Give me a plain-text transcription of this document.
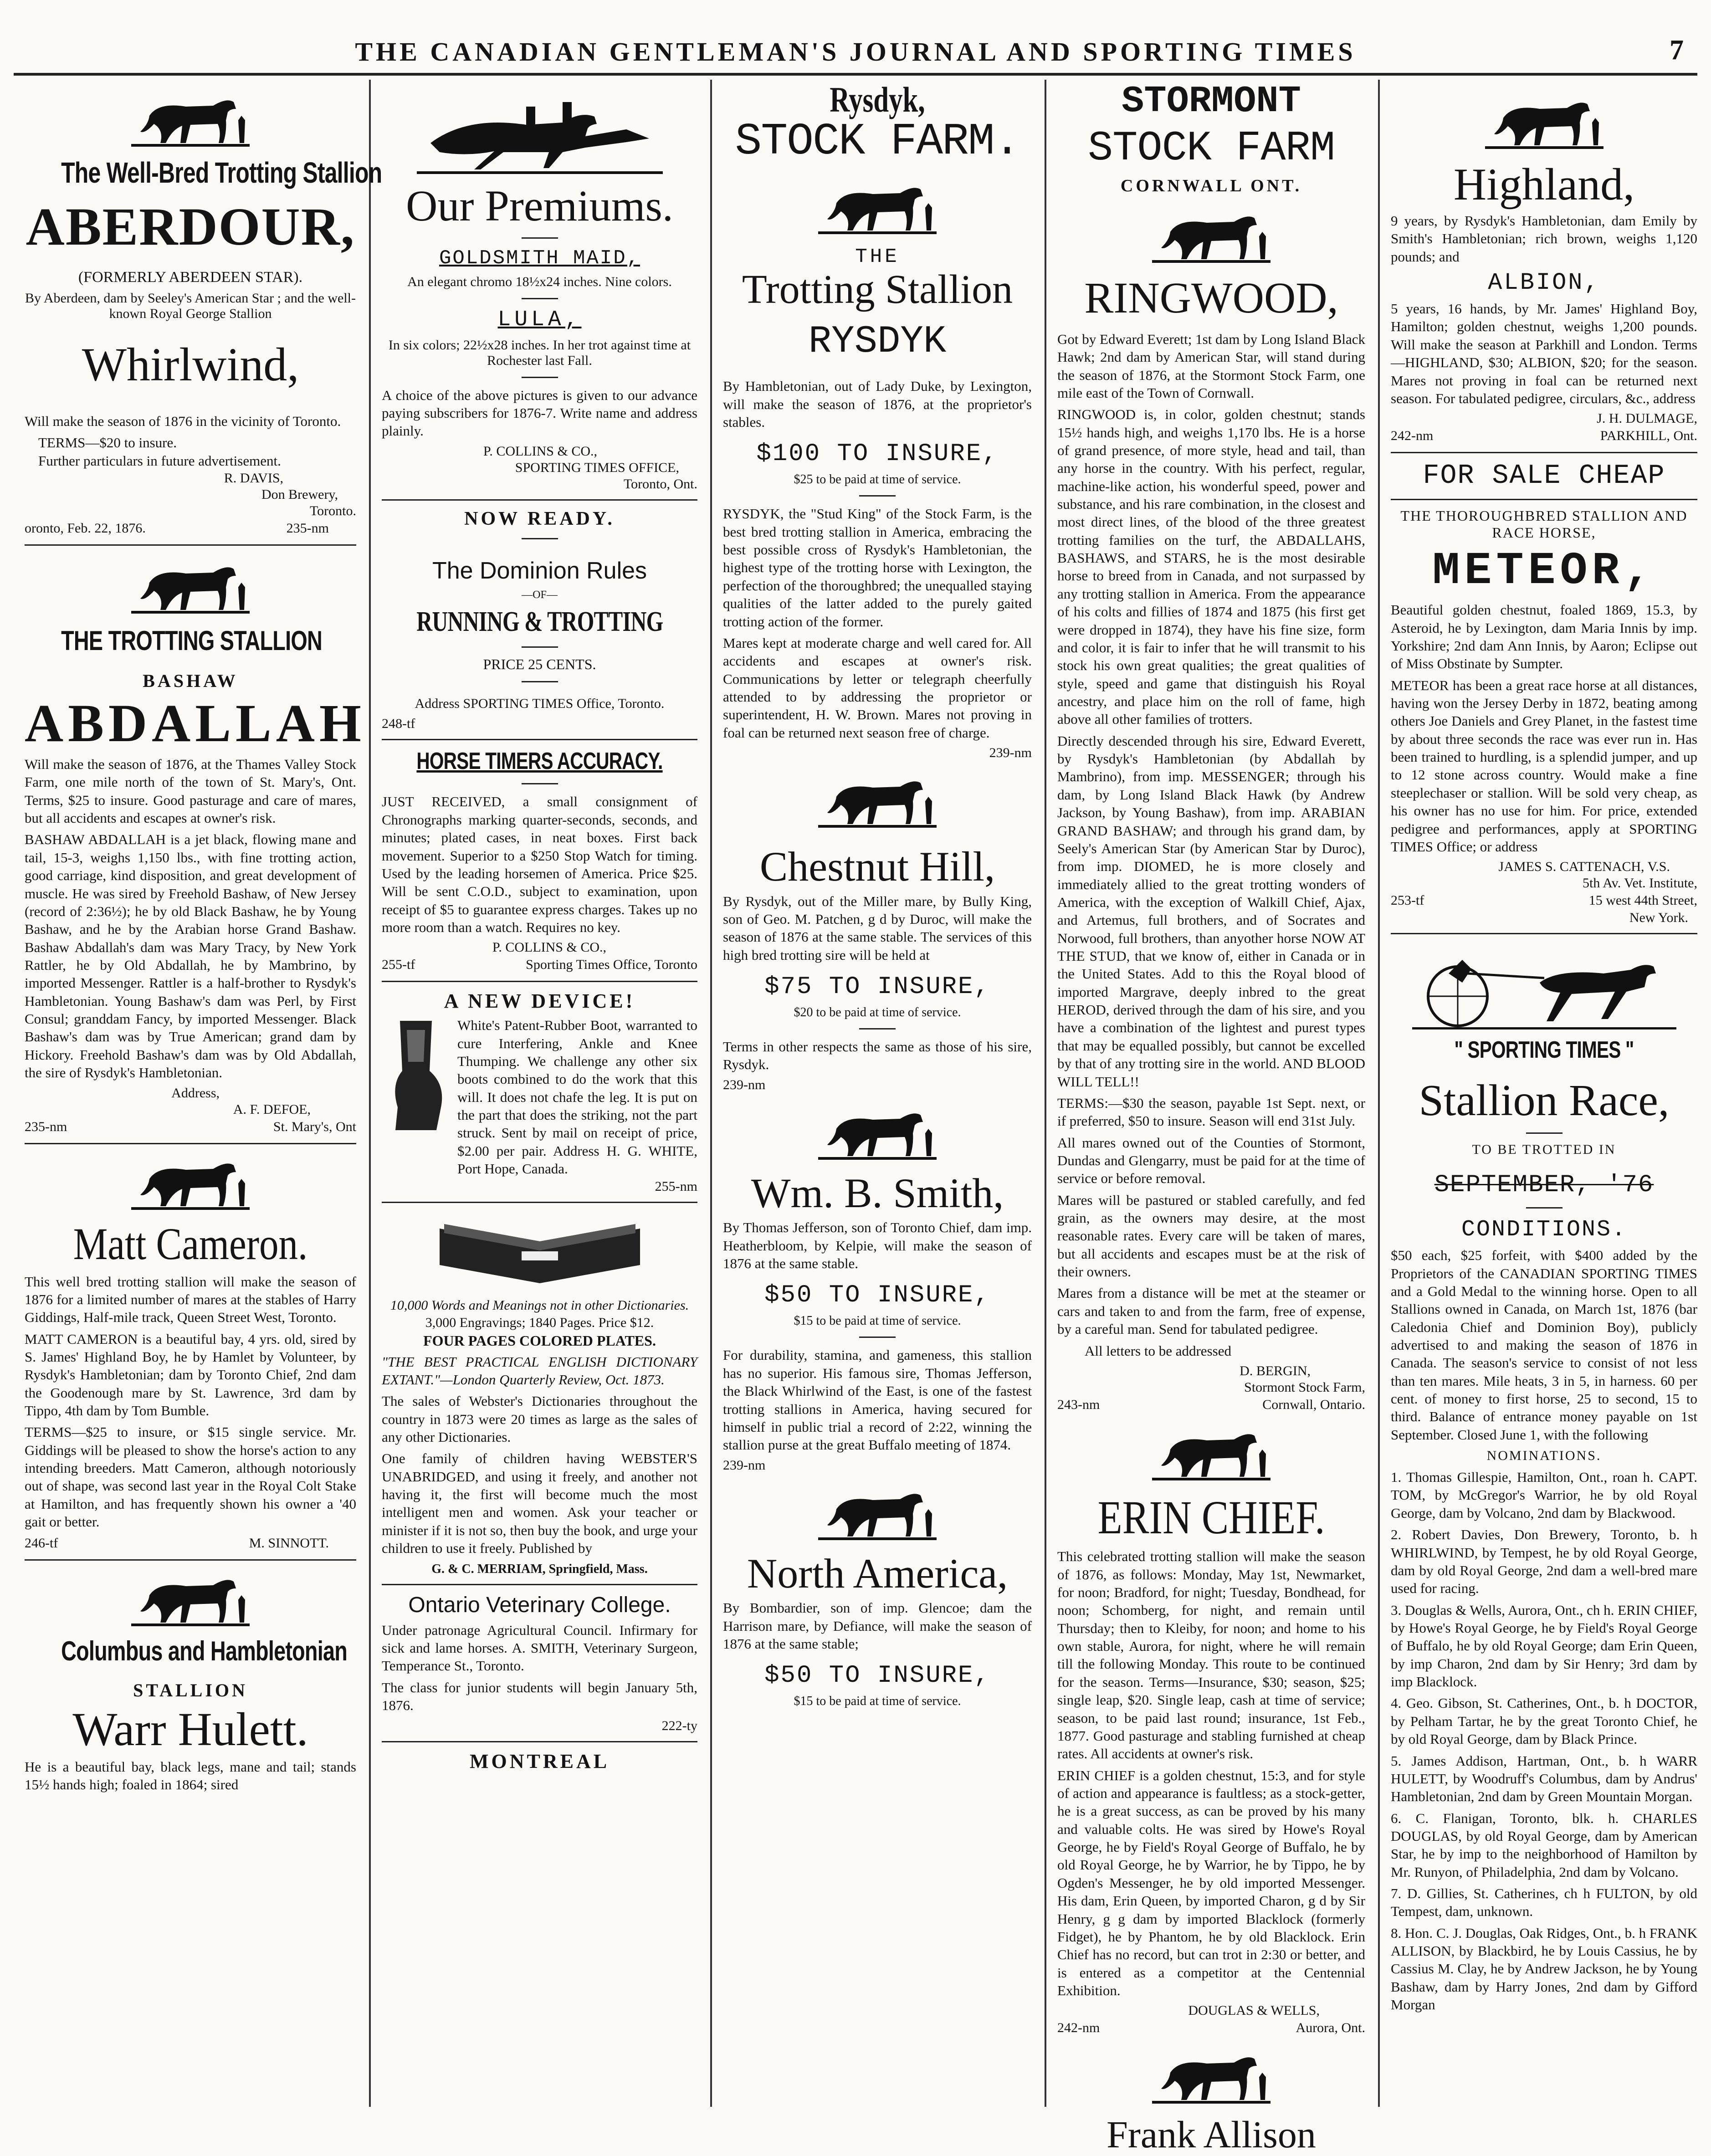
THE CANADIAN GENTLEMAN'S JOURNAL AND SPORTING TIMES	7
The Well-Bred Trotting Stallion
ABERDOUR,
(FORMERLY ABERDEEN STAR).
By Aberdeen, dam by Seeley's American Star ; and the well-known Royal George Stallion
Whirlwind,
Will make the season of 1876 in the vicinity of Toronto.
TERMS—$20 to insure.
Further particulars in future advertisement.
R. DAVIS,
Don Brewery,
Toronto.
oronto, Feb. 22, 1876.	235-nm
THE TROTTING STALLION
BASHAW
ABDALLAH
Will make the season of 1876, at the Thames Valley Stock Farm, one mile north of the town of St. Mary's, Ont. Terms, $25 to insure. Good pasturage and care of mares, but all accidents and escapes at owner's risk.
BASHAW ABDALLAH is a jet black, flowing mane and tail, 15-3, weighs 1,150 lbs., with fine trotting action, good carriage, kind disposition, and great development of muscle. He was sired by Freehold Bashaw, of New Jersey (record of 2:36½); he by old Black Bashaw, he by Young Bashaw, and he by the Arabian horse Grand Bashaw. Bashaw Abdallah's dam was Mary Tracy, by New York Rattler, he by Old Abdallah, he by Mambrino, by imported Messenger. Rattler is a half-brother to Rysdyk's Hambletonian. Young Bashaw's dam was Perl, by First Consul; granddam Fancy, by imported Messenger. Black Bashaw's dam was by True American; grand dam by Hickory. Freehold Bashaw's dam was by Old Abdallah, the sire of Rysdyk's Hambletonian.
Address,
A. F. DEFOE,
235-nm	St. Mary's, Ont
Matt Cameron.
This well bred trotting stallion will make the season of 1876 for a limited number of mares at the stables of Harry Giddings, Half-mile track, Queen Street West, Toronto.
MATT CAMERON is a beautiful bay, 4 yrs. old, sired by S. James' Highland Boy, he by Hamlet by Volunteer, by Rysdyk's Hambletonian; dam by Toronto Chief, 2nd dam the Goodenough mare by St. Lawrence, 3rd dam by Tippo, 4th dam by Tom Bumble.
TERMS—$25 to insure, or $15 single service. Mr. Giddings will be pleased to show the horse's action to any intending breeders. Matt Cameron, although notoriously out of shape, was second last year in the Royal Colt Stake at Hamilton, and has frequently shown his owner a '40 gait or better.
246-tf	M. SINNOTT.
Columbus and Hambletonian
STALLION
Warr Hulett.
He is a beautiful bay, black legs, mane and tail; stands 15½ hands high; foaled in 1864; sired
Our Premiums.
GOLDSMITH MAID,
An elegant chromo 18½x24 inches. Nine colors.
LULA,
In six colors; 22½x28 inches. In her trot against time at Rochester last Fall.
A choice of the above pictures is given to our advance paying subscribers for 1876-7. Write name and address plainly.
P. COLLINS & CO.,
SPORTING TIMES OFFICE,
Toronto, Ont.
NOW READY.
The Dominion Rules
—OF—
RUNNING & TROTTING
PRICE 25 CENTS.
Address SPORTING TIMES Office, Toronto.
248-tf
HORSE TIMERS ACCURACY.
JUST RECEIVED, a small consignment of Chronographs marking quarter-seconds, seconds, and minutes; plated cases, in neat boxes. First back movement. Superior to a $250 Stop Watch for timing. Used by the leading horsemen of America. Price $25. Will be sent C.O.D., subject to examination, upon receipt of $5 to guarantee express charges. Takes up no more room than a watch. Requires no key.
P. COLLINS & CO.,
255-tf	Sporting Times Office, Toronto
A NEW DEVICE!
White's Patent-Rubber Boot, warranted to cure Interfering, Ankle and Knee Thumping. We challenge any other six boots combined to do the work that this will. It does not chafe the leg. It is put on the part that does the striking, not the part struck. Sent by mail on receipt of price, $2.00 per pair. Address H. G. WHITE, Port Hope, Canada.
255-nm
10,000 Words and Meanings not in other Dictionaries.
3,000 Engravings; 1840 Pages. Price $12.
FOUR PAGES COLORED PLATES.
"THE BEST PRACTICAL ENGLISH DICTIONARY EXTANT."—London Quarterly Review, Oct. 1873.
The sales of Webster's Dictionaries throughout the country in 1873 were 20 times as large as the sales of any other Dictionaries.
One family of children having WEBSTER'S UNABRIDGED, and using it freely, and another not having it, the first will become much the most intelligent men and women. Ask your teacher or minister if it is not so, then buy the book, and urge your children to use it freely. Published by
G. & C. MERRIAM, Springfield, Mass.
Ontario Veterinary College.
Under patronage Agricultural Council. Infirmary for sick and lame horses. A. SMITH, Veterinary Surgeon, Temperance St., Toronto.
The class for junior students will begin January 5th, 1876.
222-ty
MONTREAL
Rysdyk,
STOCK FARM.
THE
Trotting Stallion
RYSDYK
By Hambletonian, out of Lady Duke, by Lexington, will make the season of 1876, at the proprietor's stables.
$100 TO INSURE,
$25 to be paid at time of service.
RYSDYK, the "Stud King" of the Stock Farm, is the best bred trotting stallion in America, embracing the best possible cross of Rysdyk's Hambletonian, the highest type of the trotting horse with Lexington, the perfection of the thoroughbred; the unequalled staying qualities of the latter added to the purely gaited trotting action of the former.
Mares kept at moderate charge and well cared for. All accidents and escapes at owner's risk. Communications by letter or telegraph cheerfully attended to by addressing the proprietor or superintendent, H. W. Brown. Mares not proving in foal can be returned next season free of charge.
239-nm
Chestnut Hill,
By Rysdyk, out of the Miller mare, by Bully King, son of Geo. M. Patchen, g d by Duroc, will make the season of 1876 at the same stable. The services of this high bred trotting sire will be held at
$75 TO INSURE,
$20 to be paid at time of service.
Terms in other respects the same as those of his sire, Rysdyk.
239-nm
Wm. B. Smith,
By Thomas Jefferson, son of Toronto Chief, dam imp. Heatherbloom, by Kelpie, will make the season of 1876 at the same stable.
$50 TO INSURE,
$15 to be paid at time of service.
For durability, stamina, and gameness, this stallion has no superior. His famous sire, Thomas Jefferson, the Black Whirlwind of the East, is one of the fastest trotting stallions in America, having secured for himself in public trial a record of 2:22, winning the stallion purse at the great Buffalo meeting of 1874.
239-nm
North America,
By Bombardier, son of imp. Glencoe; dam the Harrison mare, by Defiance, will make the season of 1876 at the same stable;
$50 TO INSURE,
$15 to be paid at time of service.
STORMONT
STOCK FARM
CORNWALL ONT.
RINGWOOD,
Got by Edward Everett; 1st dam by Long Island Black Hawk; 2nd dam by American Star, will stand during the season of 1876, at the Stormont Stock Farm, one mile east of the Town of Cornwall.
RINGWOOD is, in color, golden chestnut; stands 15½ hands high, and weighs 1,170 lbs. He is a horse of grand presence, of more style, head and tail, than any horse in the country. With his perfect, regular, machine-like action, his wonderful speed, power and substance, and his rare combination, in the closest and most direct lines, of the blood of the three greatest trotting families on the turf, the ABDALLAHS, BASHAWS, and STARS, he is the most desirable horse to breed from in Canada, and not surpassed by any trotting stallion in America. From the appearance of his colts and fillies of 1874 and 1875 (his first get were dropped in 1874), they have his fine size, form and color, it is fair to infer that he will transmit to his stock his own great qualities; the great qualities of style, speed and game that distinguish his Royal ancestry, and place him on the roll of fame, high above all other families of trotters.
Directly descended through his sire, Edward Everett, by Rysdyk's Hambletonian (by Abdallah by Mambrino), from imp. MESSENGER; through his dam, by Long Island Black Hawk (by Andrew Jackson, by Young Bashaw), from imp. ARABIAN GRAND BASHAW; and through his grand dam, by Seely's American Star (by American Star by Duroc), from imp. DIOMED, he is more closely and immediately allied to the great trotting wonders of America, with the exception of Walkill Chief, Ajax, and Artemus, full brothers, and of Socrates and Norwood, full brothers, than anyother horse NOW AT THE STUD, that we know of, either in Canada or in the United States. Add to this the Royal blood of imported Margrave, deeply inbred to the great HEROD, derived through the dam of his sire, and you have a combination of the lightest and purest types that may be equalled possibly, but cannot be excelled by that of any trotting sire in the world. AND BLOOD WILL TELL!!
TERMS:—$30 the season, payable 1st Sept. next, or if preferred, $50 to insure. Season will end 31st July.
All mares owned out of the Counties of Stormont, Dundas and Glengarry, must be paid for at the time of service or before removal.
Mares will be pastured or stabled carefully, and fed grain, as the owners may desire, at the most reasonable rates. Every care will be taken of mares, but all accidents and escapes must be at the risk of their owners.
Mares from a distance will be met at the steamer or cars and taken to and from the farm, free of expense, by a careful man. Send for tabulated pedigree.
All letters to be addressed
D. BERGIN,
Stormont Stock Farm,
243-nm	Cornwall, Ontario.
ERIN CHIEF.
This celebrated trotting stallion will make the season of 1876, as follows: Monday, May 1st, Newmarket, for noon; Bradford, for night; Tuesday, Bondhead, for noon; Schomberg, for night, and remain until Thursday; then to Kleiby, for noon; and home to his own stable, Aurora, for night, where he will remain till the following Monday. This route to be continued for the season. Terms—Insurance, $30; season, $25; single leap, $20. Single leap, cash at time of service; season, to be paid last round; insurance, 1st Feb., 1877. Good pasturage and stabling furnished at cheap rates. All accidents at owner's risk.
ERIN CHIEF is a golden chestnut, 15:3, and for style of action and appearance is faultless; as a stock-getter, he is a great success, as can be proved by his many and valuable colts. He was sired by Howe's Royal George, he by Field's Royal George of Buffalo, he by old Royal George, he by Warrior, he by Tippo, he by Ogden's Messenger, he by old imported Messenger. His dam, Erin Queen, by imported Charon, g d by Sir Henry, g g dam by imported Blacklock (formerly Fidget), he by Phantom, he by old Blacklock. Erin Chief has no record, but can trot in 2:30 or better, and is entered as a competitor at the Centennial Exhibition.
DOUGLAS & WELLS,
242-nm	Aurora, Ont.
Frank Allison
Highland,
9 years, by Rysdyk's Hambletonian, dam Emily by Smith's Hambletonian; rich brown, weighs 1,120 pounds; and
ALBION,
5 years, 16 hands, by Mr. James' Highland Boy, Hamilton; golden chestnut, weighs 1,200 pounds. Will make the season at Parkhill and London. Terms—HIGHLAND, $30; ALBION, $20; for the season. Mares not proving in foal can be returned next season. For tabulated pedigree, circulars, &c., address
J. H. DULMAGE,
242-nm	PARKHILL, Ont.
FOR SALE CHEAP
THE THOROUGHBRED STALLION AND RACE HORSE,
METEOR,
Beautiful golden chestnut, foaled 1869, 15.3, by Asteroid, he by Lexington, dam Maria Innis by imp. Yorkshire; 2nd dam Ann Innis, by Aaron; Eclipse out of Miss Obstinate by Sumpter.
METEOR has been a great race horse at all distances, having won the Jersey Derby in 1872, beating among others Joe Daniels and Grey Planet, in the fastest time by about three seconds the race was ever run in. Has been trained to hurdling, is a splendid jumper, and up to 12 stone across country. Would make a fine steeplechaser or stallion. Will be sold very cheap, as his owner has no use for him. For price, extended pedigree and performances, apply at SPORTING TIMES Office; or address
JAMES S. CATTENACH, V.S.
5th Av. Vet. Institute,
253-tf	15 west 44th Street,
New York.
" SPORTING TIMES "
Stallion Race,
TO BE TROTTED IN
SEPTEMBER, '76
CONDITIONS.
$50 each, $25 forfeit, with $400 added by the Proprietors of the CANADIAN SPORTING TIMES and a Gold Medal to the winning horse. Open to all Stallions owned in Canada, on March 1st, 1876 (bar Caledonia Chief and Dominion Boy), publicly advertised to and making the season of 1876 in Canada. The season's service to consist of not less than ten mares. Mile heats, 3 in 5, in harness. 60 per cent. of money to first horse, 25 to second, 15 to third. Balance of entrance money payable on 1st September. Closed June 1, with the following
NOMINATIONS.
1. Thomas Gillespie, Hamilton, Ont., roan h. CAPT. TOM, by McGregor's Warrior, he by old Royal George, dam by Volcano, 2nd dam by Blackwood.
2. Robert Davies, Don Brewery, Toronto, b. h WHIRLWIND, by Tempest, he by old Royal George, dam by old Royal George, 2nd dam a well-bred mare used for racing.
3. Douglas & Wells, Aurora, Ont., ch h. ERIN CHIEF, by Howe's Royal George, he by Field's Royal George of Buffalo, he by old Royal George; dam Erin Queen, by imp Charon, 2nd dam by Sir Henry; 3rd dam by imp Blacklock.
4. Geo. Gibson, St. Catherines, Ont., b. h DOCTOR, by Pelham Tartar, he by the great Toronto Chief, he by old Royal George, dam by Black Prince.
5. James Addison, Hartman, Ont., b. h WARR HULETT, by Woodruff's Columbus, dam by Andrus' Hambletonian, 2nd dam by Green Mountain Morgan.
6. C. Flanigan, Toronto, blk. h. CHARLES DOUGLAS, by old Royal George, dam by American Star, he by imp to the neighborhood of Hamilton by Mr. Runyon, of Philadelphia, 2nd dam by Volcano.
7. D. Gillies, St. Catherines, ch h FULTON, by old Tempest, dam, unknown.
8. Hon. C. J. Douglas, Oak Ridges, Ont., b. h FRANK ALLISON, by Blackbird, he by Louis Cassius, he by Cassius M. Clay, he by Andrew Jackson, he by Young Bashaw, dam by Harry Jones, 2nd dam by Gifford Morgan
